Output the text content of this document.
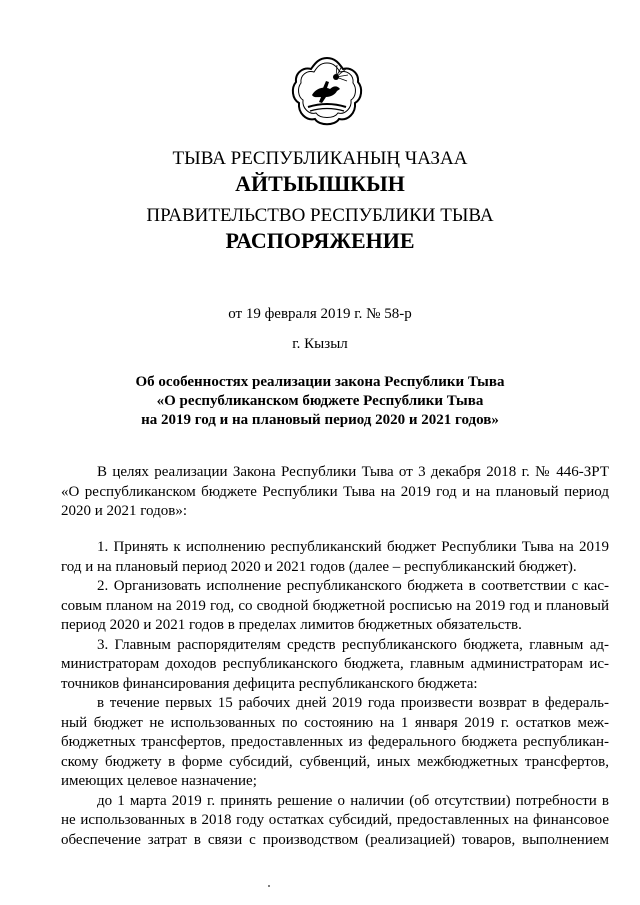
ТЫВА РЕСПУБЛИКАНЫҢ ЧАЗАА
АЙТЫЫШКЫН
ПРАВИТЕЛЬСТВО РЕСПУБЛИКИ ТЫВА
РАСПОРЯЖЕНИЕ
от 19 февраля 2019 г. № 58-р
г. Кызыл
Об особенностях реализации закона Республики Тыва
«О республиканском бюджете Республики Тыва
на 2019 год и на плановый период 2020 и 2021 годов»
В целях реализации Закона Республики Тыва от 3 декабря 2018 г. № 446-ЗРТ
«О республиканском бюджете Республики Тыва на 2019 год и на плановый период
2020 и 2021 годов»:
1. Принять к исполнению республиканский бюджет Республики Тыва на 2019
год и на плановый период 2020 и 2021 годов (далее – республиканский бюджет).
2. Организовать исполнение республиканского бюджета в соответствии с кас-
совым планом на 2019 год, со сводной бюджетной росписью на 2019 год и плановый
период 2020 и 2021 годов в пределах лимитов бюджетных обязательств.
3. Главным распорядителям средств республиканского бюджета, главным ад-
министраторам доходов республиканского бюджета, главным администраторам ис-
точников финансирования дефицита республиканского бюджета:
в течение первых 15 рабочих дней 2019 года произвести возврат в федераль-
ный бюджет не использованных по состоянию на 1 января 2019 г. остатков меж-
бюджетных трансфертов, предоставленных из федерального бюджета республикан-
скому бюджету в форме субсидий, субвенций, иных межбюджетных трансфертов,
имеющих целевое назначение;
до 1 марта 2019 г. принять решение о наличии (об отсутствии) потребности в
не использованных в 2018 году остатках субсидий, предоставленных на финансовое
обеспечение затрат в связи с производством (реализацией) товаров, выполнением
